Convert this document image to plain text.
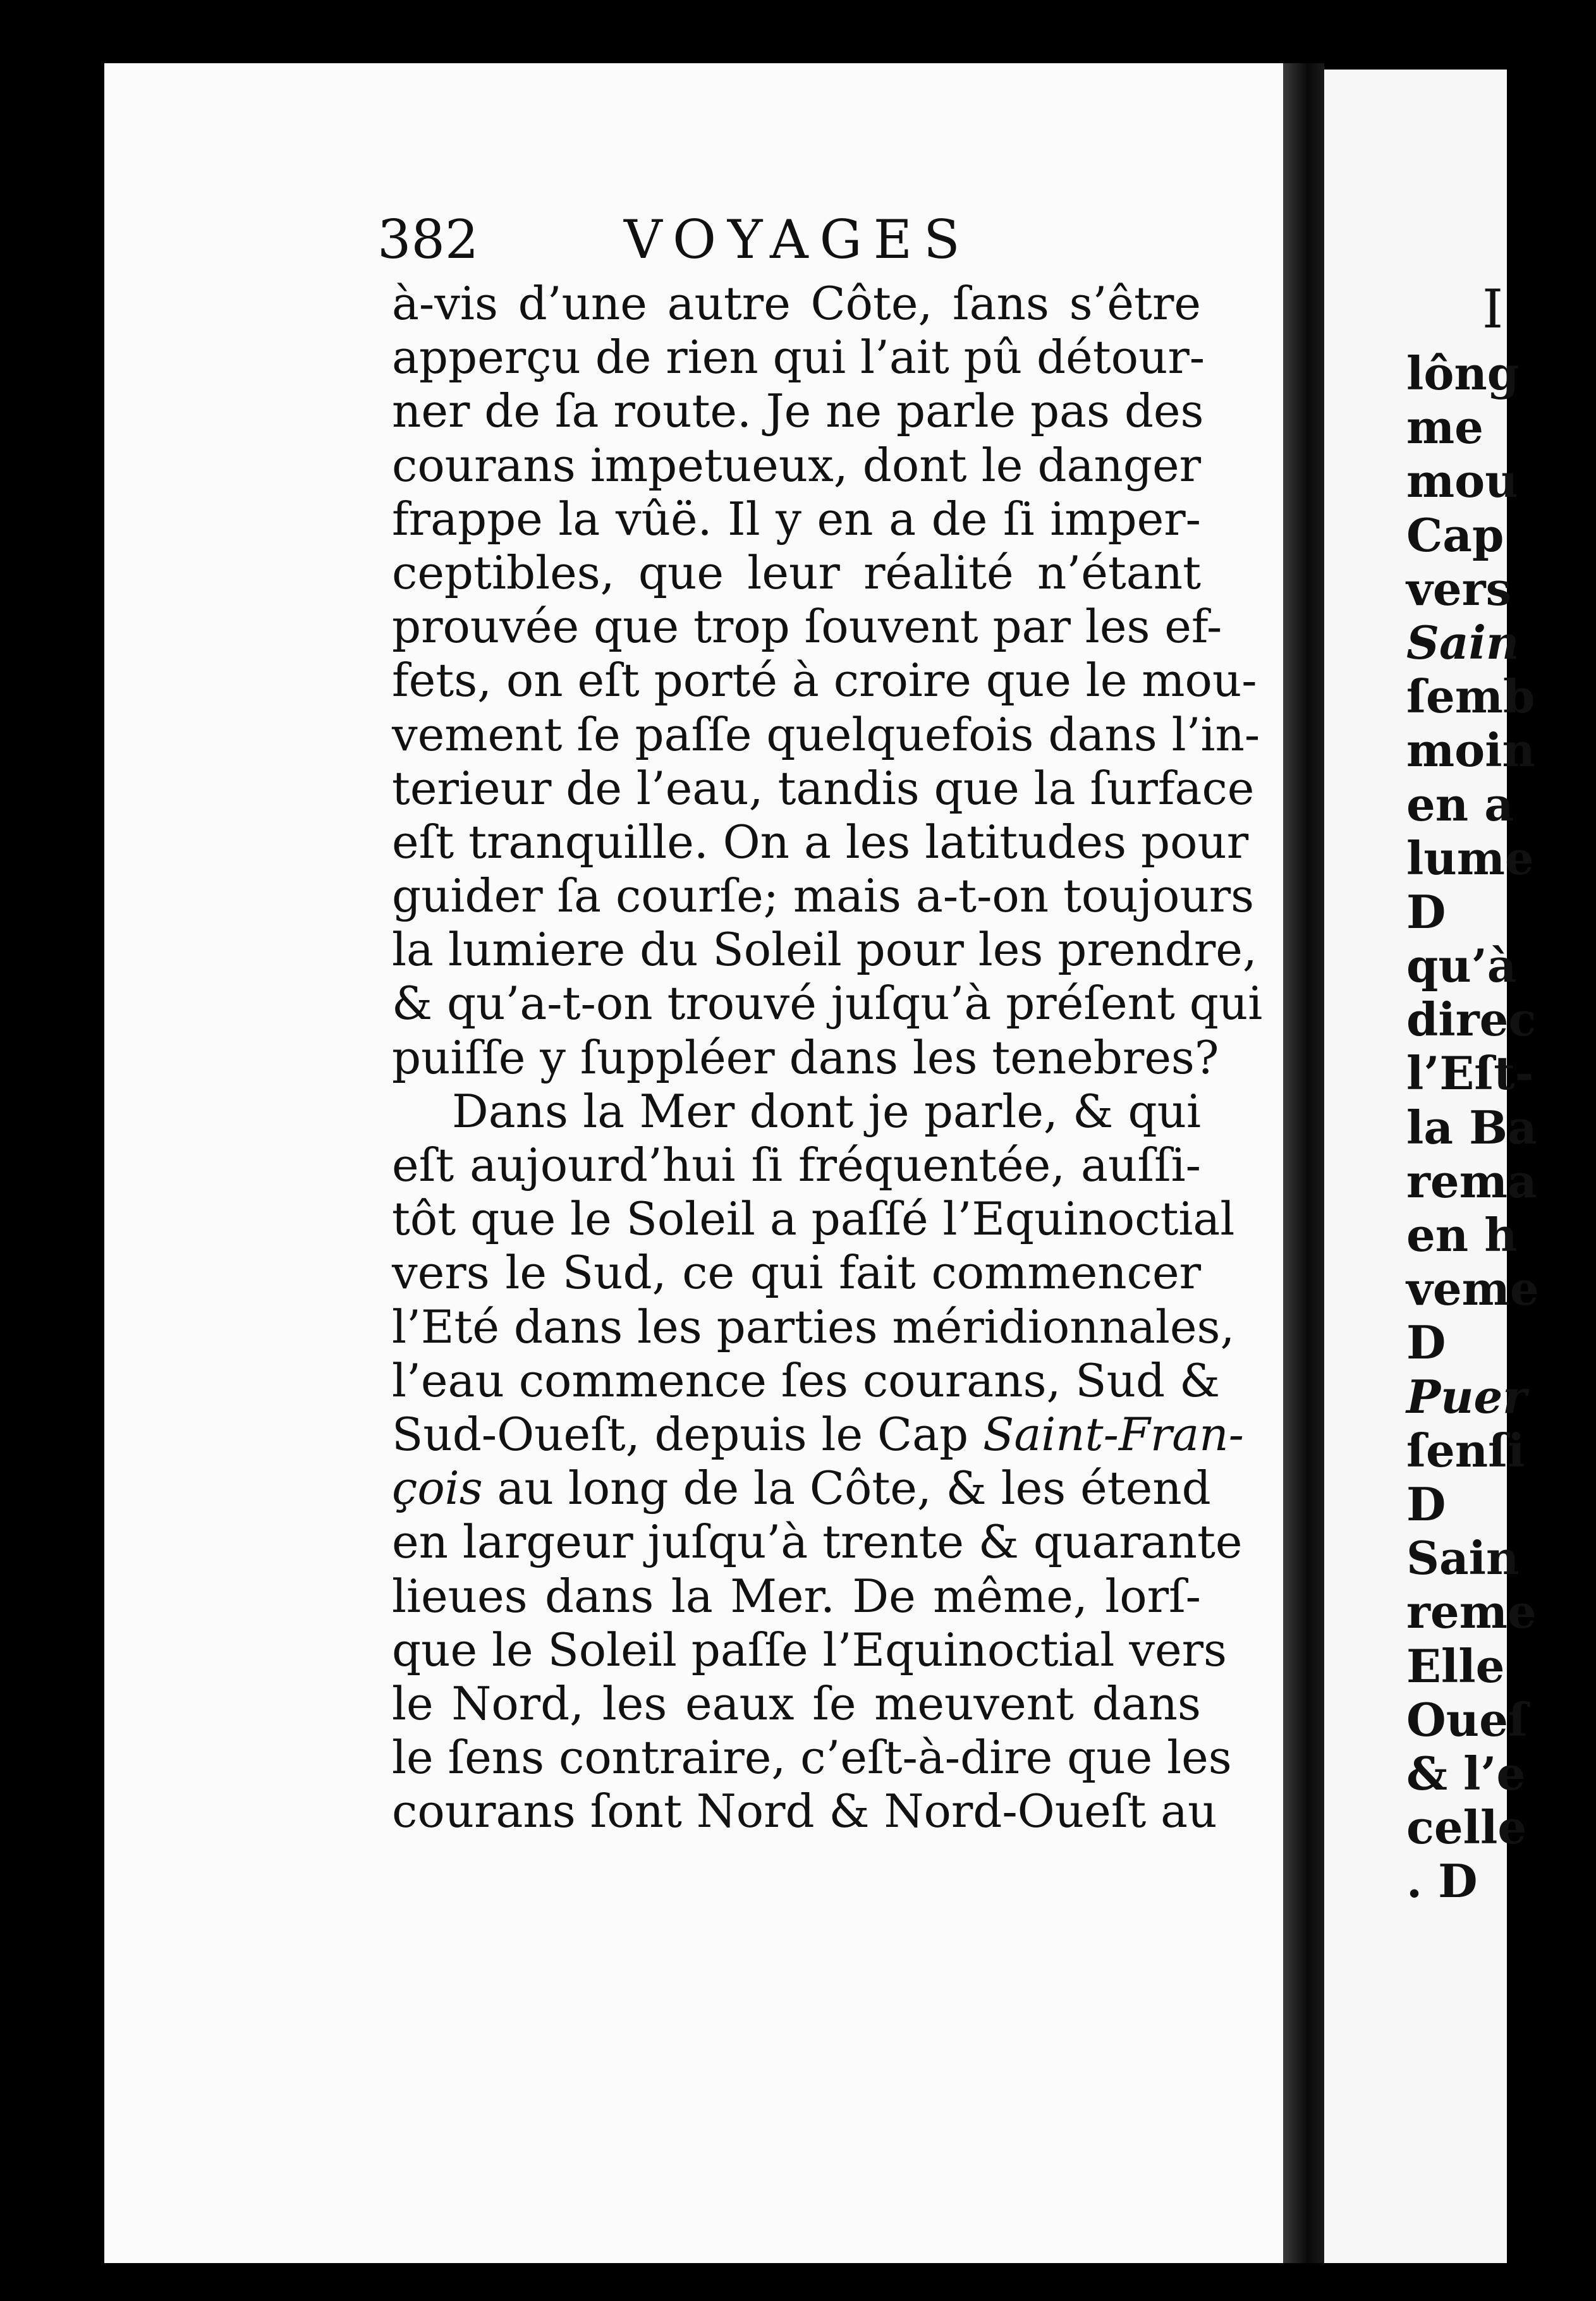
I
lông
me
mou
Cap
vers
Sain
ſemb
moin
en a
lume
D
qu’à
direc
l’Eſt-
la Ba
rema
en h
veme
D
Puer
ſenſi
D
Sain
reme
Elle
Oueſ
& l’e
celle
. D
382	VOYAGES
à-vis d’une autre Côte, ſans s’être
apperçu de rien qui l’ait pû détour-
ner de ſa route. Je ne parle pas des
courans impetueux, dont le danger
frappe la vûë. Il y en a de ſi imper-
ceptibles, que leur réalité n’étant
prouvée que trop ſouvent par les ef-
fets, on eſt porté à croire que le mou-
vement ſe paſſe quelquefois dans l’in-
terieur de l’eau, tandis que la ſurface
eſt tranquille. On a les latitudes pour
guider ſa courſe; mais a-t-on toujours
la lumiere du Soleil pour les prendre,
& qu’a-t-on trouvé juſqu’à préſent qui
puiſſe y ſuppléer dans les tenebres?
Dans la Mer dont je parle, & qui
eſt aujourd’hui ſi fréquentée, auſſi-
tôt que le Soleil a paſſé l’Equinoctial
vers le Sud, ce qui fait commencer
l’Eté dans les parties méridionnales,
l’eau commence ſes courans, Sud &
Sud-Oueſt, depuis le Cap Saint-Fran-
çois au long de la Côte, & les étend
en largeur juſqu’à trente & quarante
lieues dans la Mer. De même, lorſ-
que le Soleil paſſe l’Equinoctial vers
le Nord, les eaux ſe meuvent dans
le ſens contraire, c’eſt-à-dire que les
courans ſont Nord & Nord-Oueſt au
